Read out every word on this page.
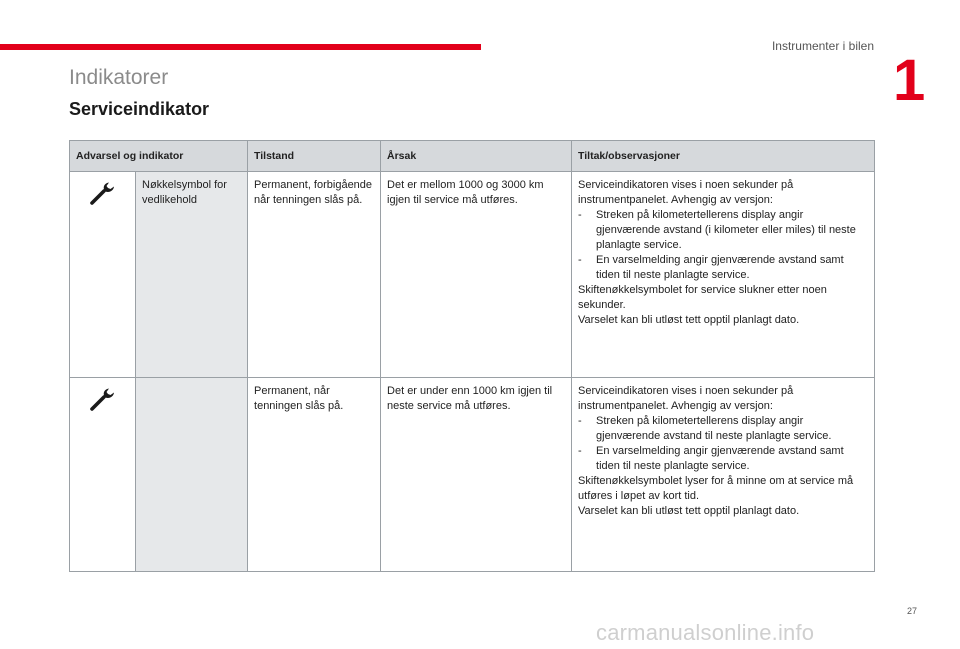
Instrumenter i bilen
1
Indikatorer
Serviceindikator
Advarsel og indikator		Tilstand	Årsak	Tiltak/observasjoner
	Nøkkelsymbol for vedlikehold	Permanent, forbigående når tenningen slås på.	Det er mellom 1000 og 3000 km igjen til service må utføres.	Serviceindikatoren vises i noen sekunder på instrumentpanelet. Avhengig av versjon:
- Streken på kilometertellerens display angir gjenværende avstand (i kilometer eller miles) til neste planlagte service.
- En varselmelding angir gjenværende avstand samt tiden til neste planlagte service.
Skiftenøkkelsymbolet for service slukner etter noen sekunder.
Varselet kan bli utløst tett opptil planlagt dato.

		Permanent, når tenningen slås på.	Det er under enn 1000 km igjen til neste service må utføres.	Serviceindikatoren vises i noen sekunder på instrumentpanelet. Avhengig av versjon:
- Streken på kilometertellerens display angir gjenværende avstand til neste planlagte service.
- En varselmelding angir gjenværende avstand samt tiden til neste planlagte service.
Skiftenøkkelsymbolet lyser for å minne om at service må utføres i løpet av kort tid.
Varselet kan bli utløst tett opptil planlagt dato.
27
carmanualsonline.info
